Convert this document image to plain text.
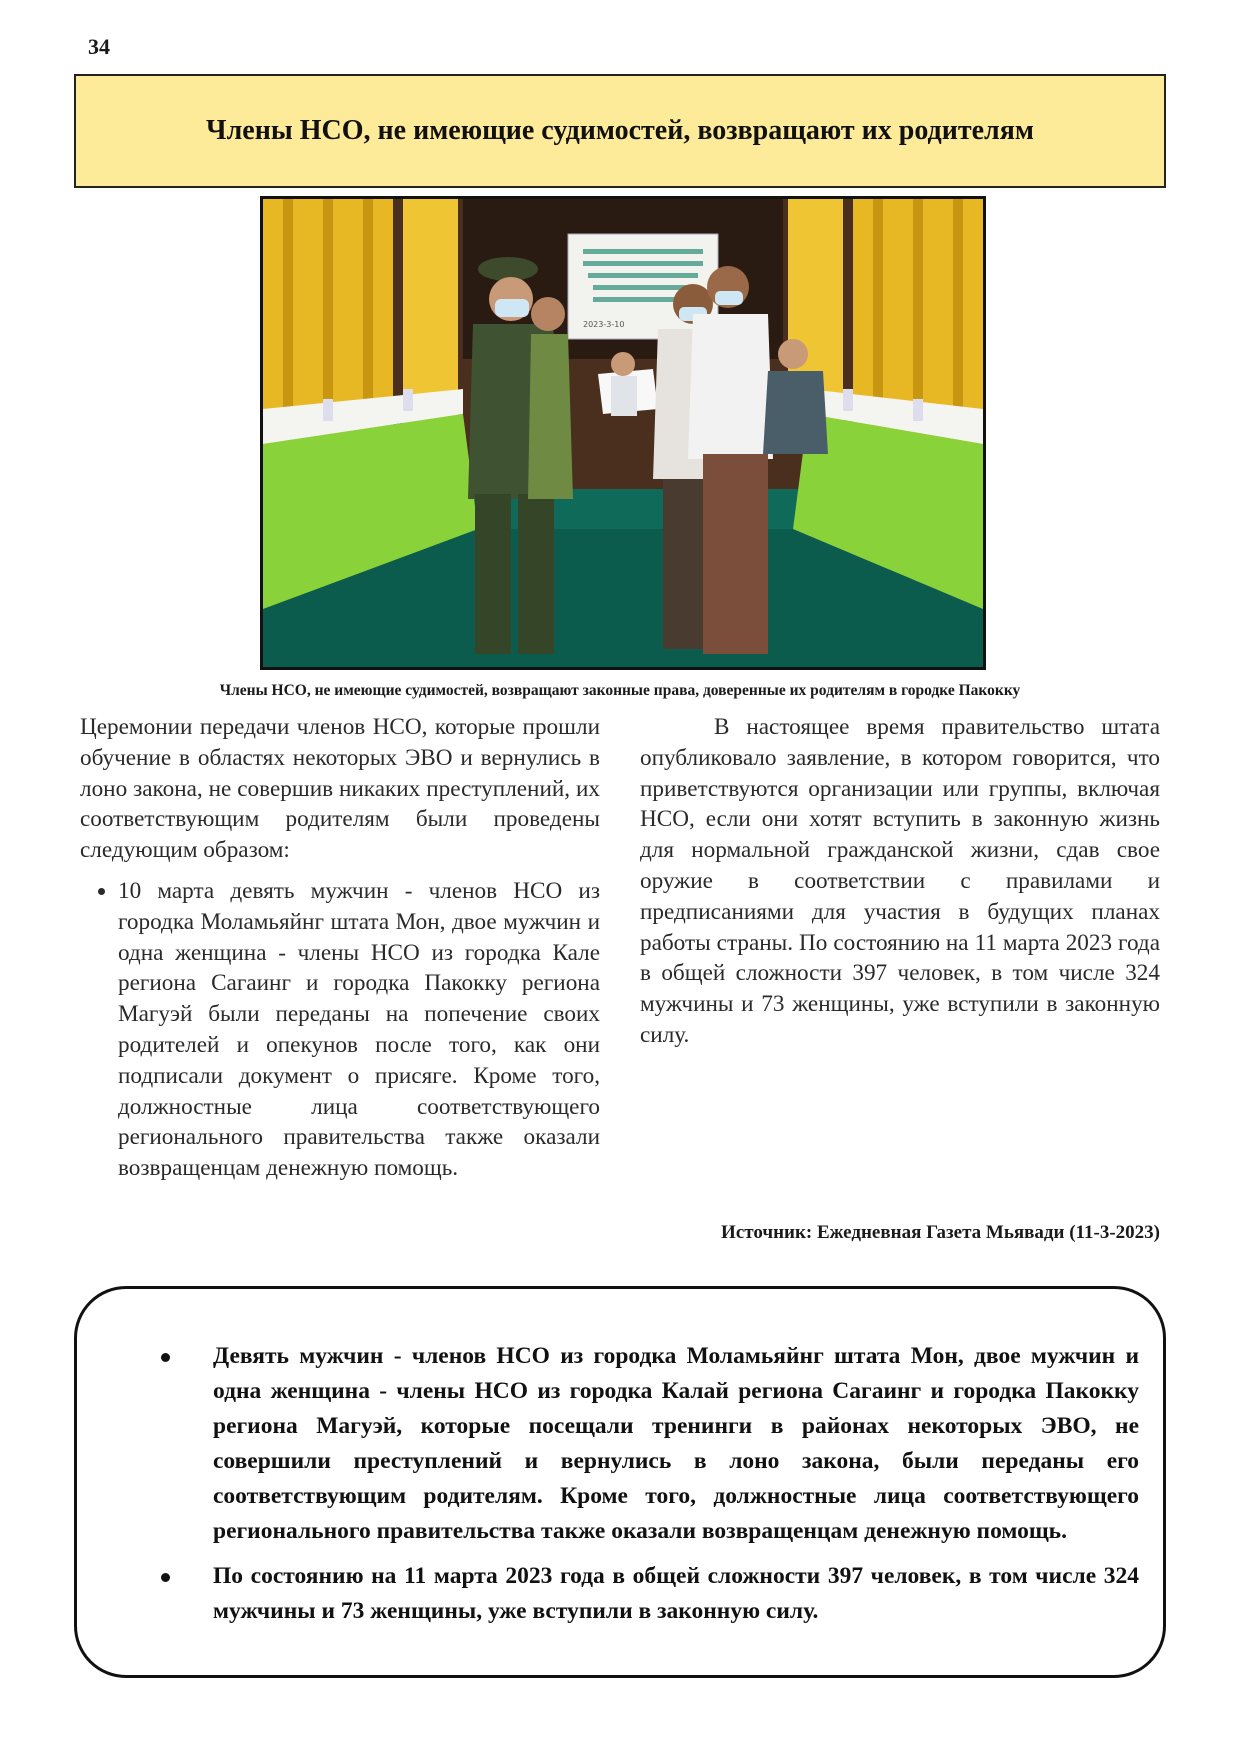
34
Члены НСО, не имеющие судимостей, возвращают их родителям
2023-3-10
Члены НСО, не имеющие судимостей, возвращают законные права, доверенные их родителям в городке Пакокку

Церемонии передачи членов НСО, которые прошли обучение в областях некоторых ЭВО и вернулись в лоно закона, не совершив никаких преступлений, их соответствующим родителям были проведены следующим образом:

• 10 марта девять мужчин - членов НСО из городка Моламьяйнг штата Мон, двое мужчин и одна женщина - члены НСО из городка Кале региона Сагаинг и городка Пакокку региона Магуэй были переданы на попечение своих родителей и опекунов после того, как они подписали документ о присяге. Кроме того, должностные лица соответствующего регионального правительства также оказали возвращенцам денежную помощь.

В настоящее время правительство штата опубликовало заявление, в котором говорится, что приветствуются организации или группы, включая НСО, если они хотят вступить в законную жизнь для нормальной гражданской жизни, сдав свое оружие в соответствии с правилами и предписаниями для участия в будущих планах работы страны. По состоянию на 11 марта 2023 года в общей сложности 397 человек, в том числе 324 мужчины и 73 женщины, уже вступили в законную силу.

Источник: Ежедневная Газета Мьявади (11-3-2023)
Девять мужчин - членов НСО из городка Моламьяйнг штата Мон, двое мужчин и одна женщина - члены НСО из городка Калай региона Сагаинг и городка Пакокку региона Магуэй, которые посещали тренинги в районах некоторых ЭВО, не совершили преступлений и вернулись в лоно закона, были переданы его соответствующим родителям. Кроме того, должностные лица соответствующего регионального правительства также оказали возвращенцам денежную помощь.
По состоянию на 11 марта 2023 года в общей сложности 397 человек, в том числе 324 мужчины и 73 женщины, уже вступили в законную силу.
